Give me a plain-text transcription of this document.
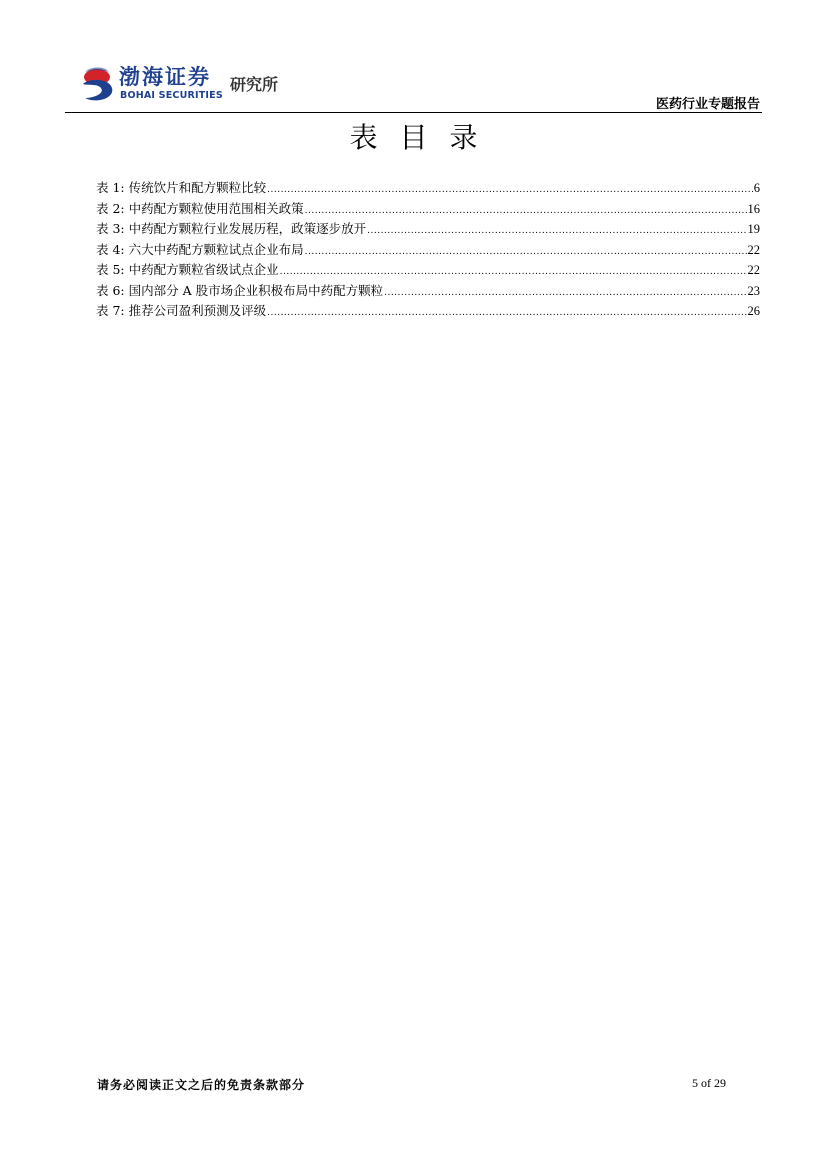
渤海证券
BOHAI SECURITIES
研究所
医药行业专题报告
表目录
表 1: 传统饮片和配方颗粒比较 .....	6
表 2: 中药配方颗粒使用范围相关政策 .....	16
表 3: 中药配方颗粒行业发展历程，政策逐步放开 .....	19
表 4: 六大中药配方颗粒试点企业布局 .....	22
表 5: 中药配方颗粒省级试点企业 .....	22
表 6: 国内部分 A 股市场企业积极布局中药配方颗粒 .....	23
表 7: 推荐公司盈利预测及评级 .....	26
请务必阅读正文之后的免责条款部分	5 of 29
